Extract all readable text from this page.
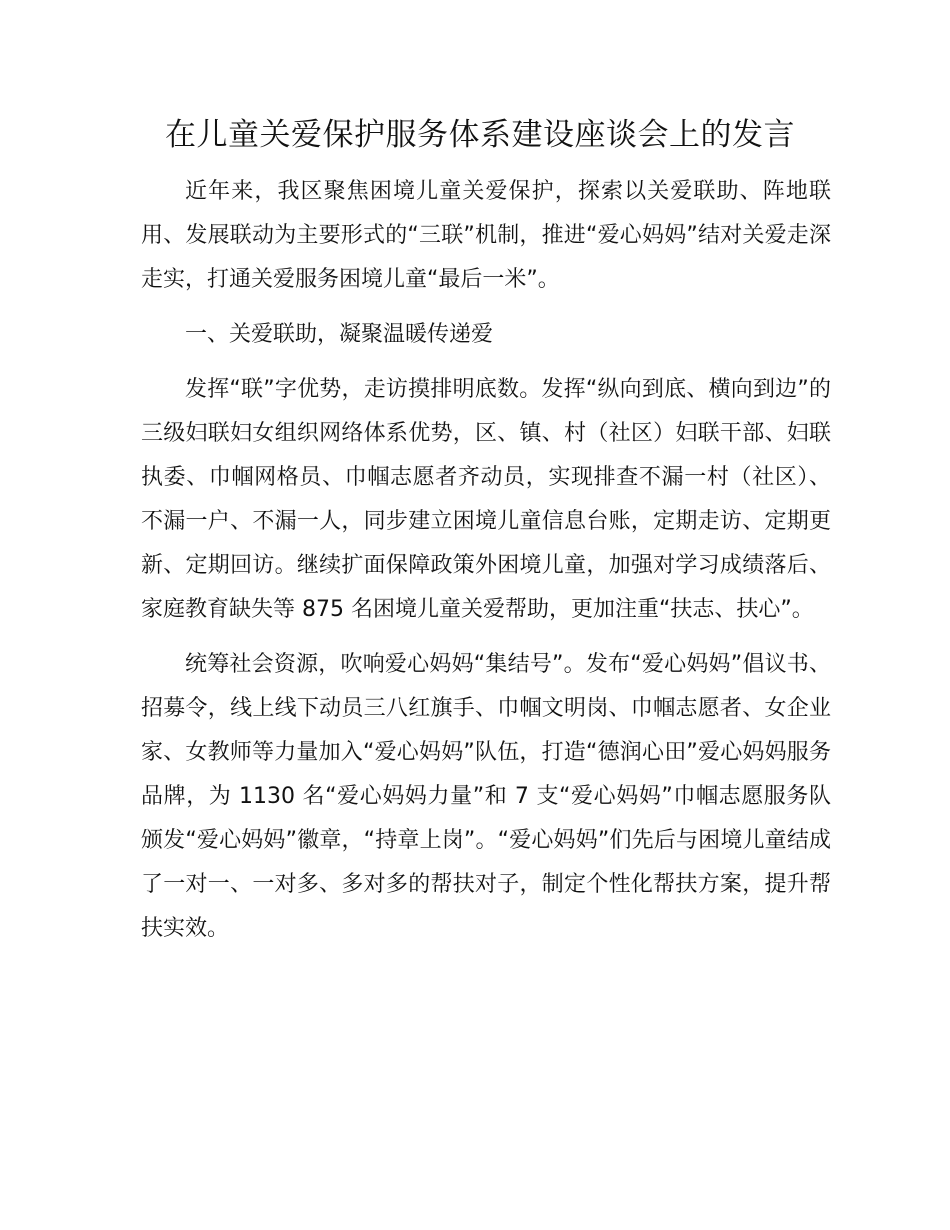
在儿童关爱保护服务体系建设座谈会上的发言

近年来，我区聚焦困境儿童关爱保护，探索以关爱联助、阵地联用、发展联动为主要形式的“三联”机制，推进“爱心妈妈”结对关爱走深走实，打通关爱服务困境儿童“最后一米”。

一、关爱联助，凝聚温暖传递爱

发挥“联”字优势，走访摸排明底数。发挥“纵向到底、横向到边”的三级妇联妇女组织网络体系优势，区、镇、村（社区）妇联干部、妇联执委、巾帼网格员、巾帼志愿者齐动员，实现排查不漏一村（社区）、不漏一户、不漏一人，同步建立困境儿童信息台账，定期走访、定期更新、定期回访。继续扩面保障政策外困境儿童，加强对学习成绩落后、家庭教育缺失等 875 名困境儿童关爱帮助，更加注重“扶志、扶心”。

统筹社会资源，吹响爱心妈妈“集结号”。发布“爱心妈妈”倡议书、招募令，线上线下动员三八红旗手、巾帼文明岗、巾帼志愿者、女企业家、女教师等力量加入“爱心妈妈”队伍，打造“德润心田”爱心妈妈服务品牌，为 1130 名“爱心妈妈力量”和 7 支“爱心妈妈”巾帼志愿服务队颁发“爱心妈妈”徽章，“持章上岗”。“爱心妈妈”们先后与困境儿童结成了一对一、一对多、多对多的帮扶对子，制定个性化帮扶方案，提升帮扶实效。
